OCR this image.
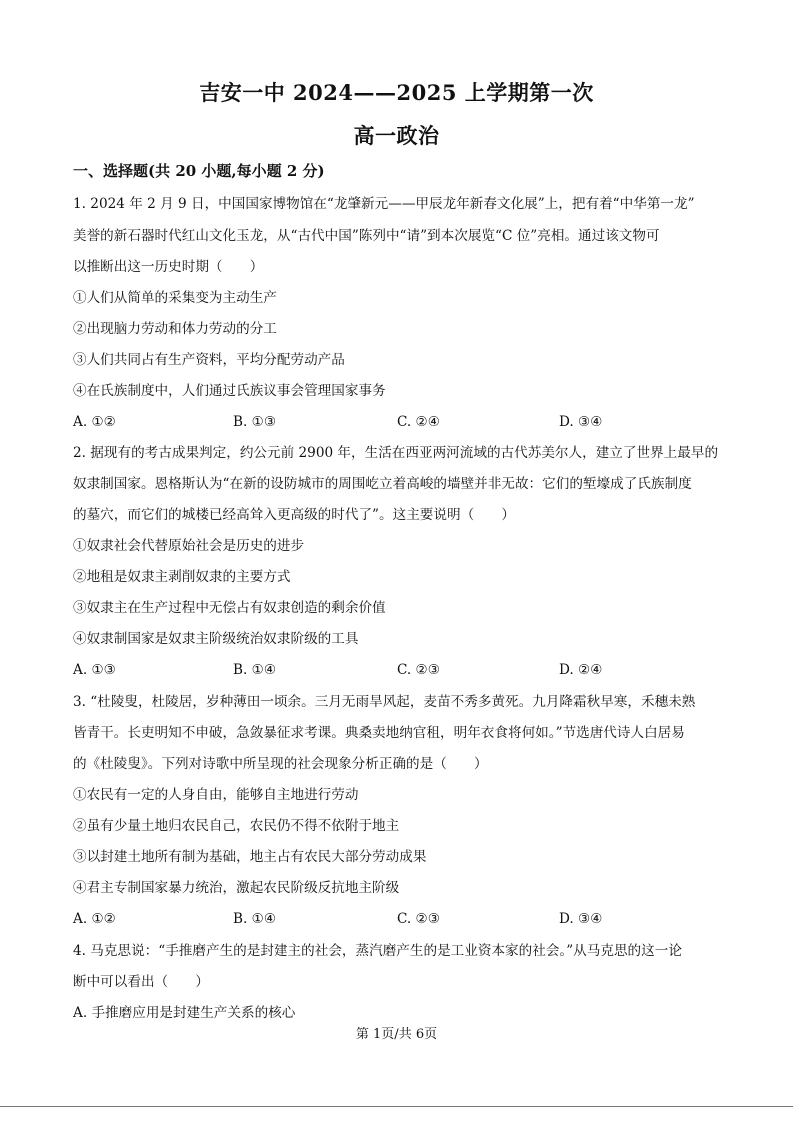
吉安一中 2024——2025 上学期第一次
高一政治
一、选择题(共 20 小题,每小题 2 分)
1. 2024 年 2 月 9 日，中国国家博物馆在“龙肇新元——甲辰龙年新春文化展”上，把有着“中华第一龙”
美誉的新石器时代红山文化玉龙，从“古代中国”陈列中“请”到本次展览“C 位”亮相。通过该文物可
以推断出这一历史时期（　　）
①人们从简单的采集变为主动生产
②出现脑力劳动和体力劳动的分工
③人们共同占有生产资料，平均分配劳动产品
④在氏族制度中，人们通过氏族议事会管理国家事务
A. ①②	B. ①③	C. ②④	D. ③④
2. 据现有的考古成果判定，约公元前 2900 年，生活在西亚两河流域的古代苏美尔人，建立了世界上最早的
奴隶制国家。恩格斯认为“在新的设防城市的周围屹立着高峻的墙壁并非无故：它们的堑壕成了氏族制度
的墓穴，而它们的城楼已经高耸入更高级的时代了”。这主要说明（　　）
①奴隶社会代替原始社会是历史的进步
②地租是奴隶主剥削奴隶的主要方式
③奴隶主在生产过程中无偿占有奴隶创造的剩余价值
④奴隶制国家是奴隶主阶级统治奴隶阶级的工具
A. ①③	B. ①④	C. ②③	D. ②④
3. “杜陵叟，杜陵居，岁种薄田一顷余。三月无雨旱风起，麦苗不秀多黄死。九月降霜秋早寒，禾穗未熟
皆青干。长吏明知不申破，急敛暴征求考课。典桑卖地纳官租，明年衣食将何如。”节选唐代诗人白居易
的《杜陵叟》。下列对诗歌中所呈现的社会现象分析正确的是（　　）
①农民有一定的人身自由，能够自主地进行劳动
②虽有少量土地归农民自己，农民仍不得不依附于地主
③以封建土地所有制为基础，地主占有农民大部分劳动成果
④君主专制国家暴力统治，激起农民阶级反抗地主阶级
A. ①②	B. ①④	C. ②③	D. ③④
4. 马克思说：“手推磨产生的是封建主的社会，蒸汽磨产生的是工业资本家的社会。”从马克思的这一论
断中可以看出（　　）
A. 手推磨应用是封建生产关系的核心
第 1页/共 6页
